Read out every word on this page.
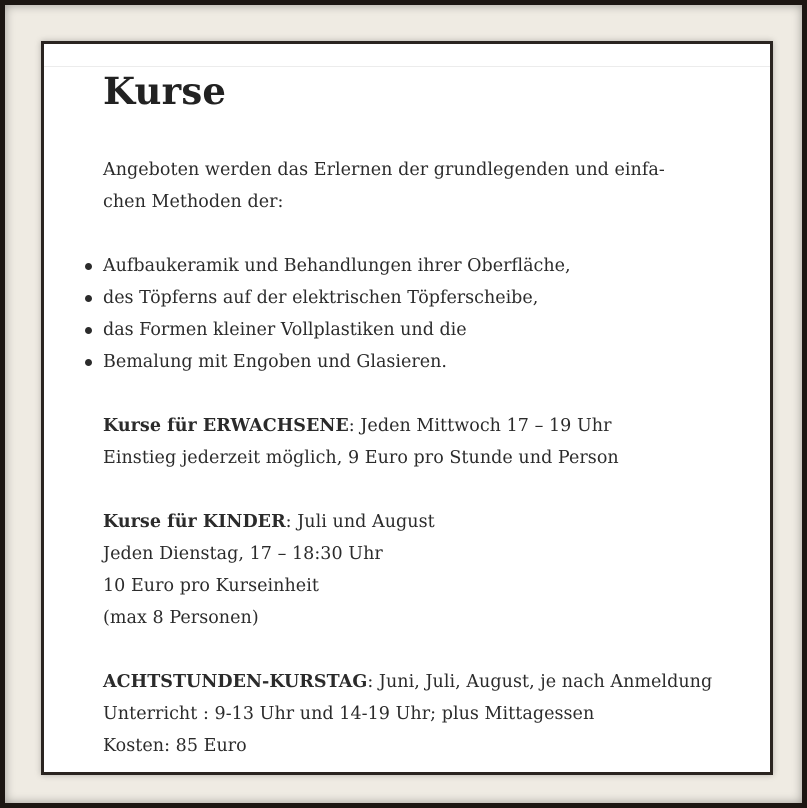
Kurse

Angeboten werden das Erlernen der grundlegenden und einfa-
chen Methoden der:

Aufbaukeramik und Behandlungen ihrer Oberfläche,
des Töpferns auf der elektrischen Töpferscheibe,
das Formen kleiner Vollplastiken und die
Bemalung mit Engoben und Glasieren.

Kurse für ERWACHSENE: Jeden Mittwoch 17 – 19 Uhr
Einstieg jederzeit möglich, 9 Euro pro Stunde und Person

Kurse für KINDER: Juli und August
Jeden Dienstag, 17 – 18:30 Uhr
10 Euro pro Kurseinheit
(max 8 Personen)

ACHTSTUNDEN-KURSTAG: Juni, Juli, August, je nach Anmeldung
Unterricht : 9-13 Uhr und 14-19 Uhr; plus Mittagessen
Kosten: 85 Euro
